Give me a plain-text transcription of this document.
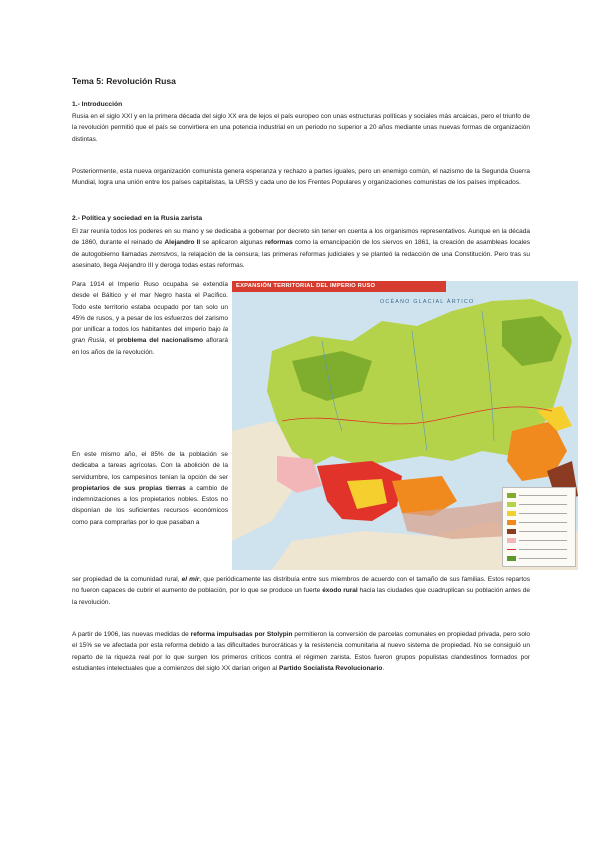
Tema 5: Revolución Rusa
1.- Introducción

Rusia en el siglo XXI y en la primera década del siglo XX era de lejos el país europeo con unas estructuras políticas y sociales más arcaicas, pero el triunfo de la revolución permitió que el país se convirtiera en una potencia industrial en un periodo no superior a 20 años mediante unas nuevas formas de organización distintas.

Posteriormente, esta nueva organización comunista genera esperanza y rechazo a partes iguales, pero un enemigo común, el nazismo de la Segunda Guerra Mundial, logra una unión entre los países capitalistas, la URSS y cada uno de los Frentes Populares y organizaciones comunistas de los países implicados.

2.- Política y sociedad en la Rusia zarista

El zar reunía todos los poderes en su mano y se dedicaba a gobernar por decreto sin tener en cuenta a los organismos representativos. Aunque en la década de 1860, durante el reinado de Alejandro II se aplicaron algunas reformas como la emancipación de los siervos en 1861, la creación de asambleas locales de autogobierno llamadas zemstvos, la relajación de la censura, las primeras reformas judiciales y se planteó la redacción de una Constitución. Pero tras su asesinato, llega Alejandro III y deroga todas estas reformas.

Para 1914 el Imperio Ruso ocupaba se extendía desde el Báltico y el mar Negro hasta el Pacífico. Todo este territorio estaba ocupado por tan solo un 45% de rusos, y a pesar de los esfuerzos del zarismo por unificar a todos los habitantes del imperio bajo la gran Rusia, el problema del nacionalismo aflorará en los años de la revolución.

En este mismo año, el 85% de la población se dedicaba a tareas agrícolas. Con la abolición de la servidumbre, los campesinos tenían la opción de ser propietarios de sus propias tierras a cambio de indemnizaciones a los propietarios nobles. Estos no disponían de los suficientes recursos económicos como para comprarlas por lo que pasaban a

ser propiedad de la comunidad rural, el mir, que periódicamente las distribuía entre sus miembros de acuerdo con el tamaño de sus familias. Estos repartos no fueron capaces de cubrir el aumento de población, por lo que se produce un fuerte éxodo rural hacia las ciudades que cuadruplican su población antes de la revolución.

A partir de 1906, las nuevas medidas de reforma impulsadas por Stolypin permitieron la conversión de parcelas comunales en propiedad privada, pero solo el 15% se ve afectada por esta reforma debido a las dificultades burocráticas y la resistencia comunitaria al nuevo sistema de propiedad. No se consiguió un reparto de la riqueza real por lo que surgen los primeros críticos contra el régimen zarista. Estos fueron grupos populistas clandestinos formados por estudiantes intelectuales que a comienzos del siglo XX darían origen al Partido Socialista Revolucionario.

EXPANSIÓN TERRITORIAL DEL IMPERIO RUSO
OCÉANO GLACIAL ÁRTICO
